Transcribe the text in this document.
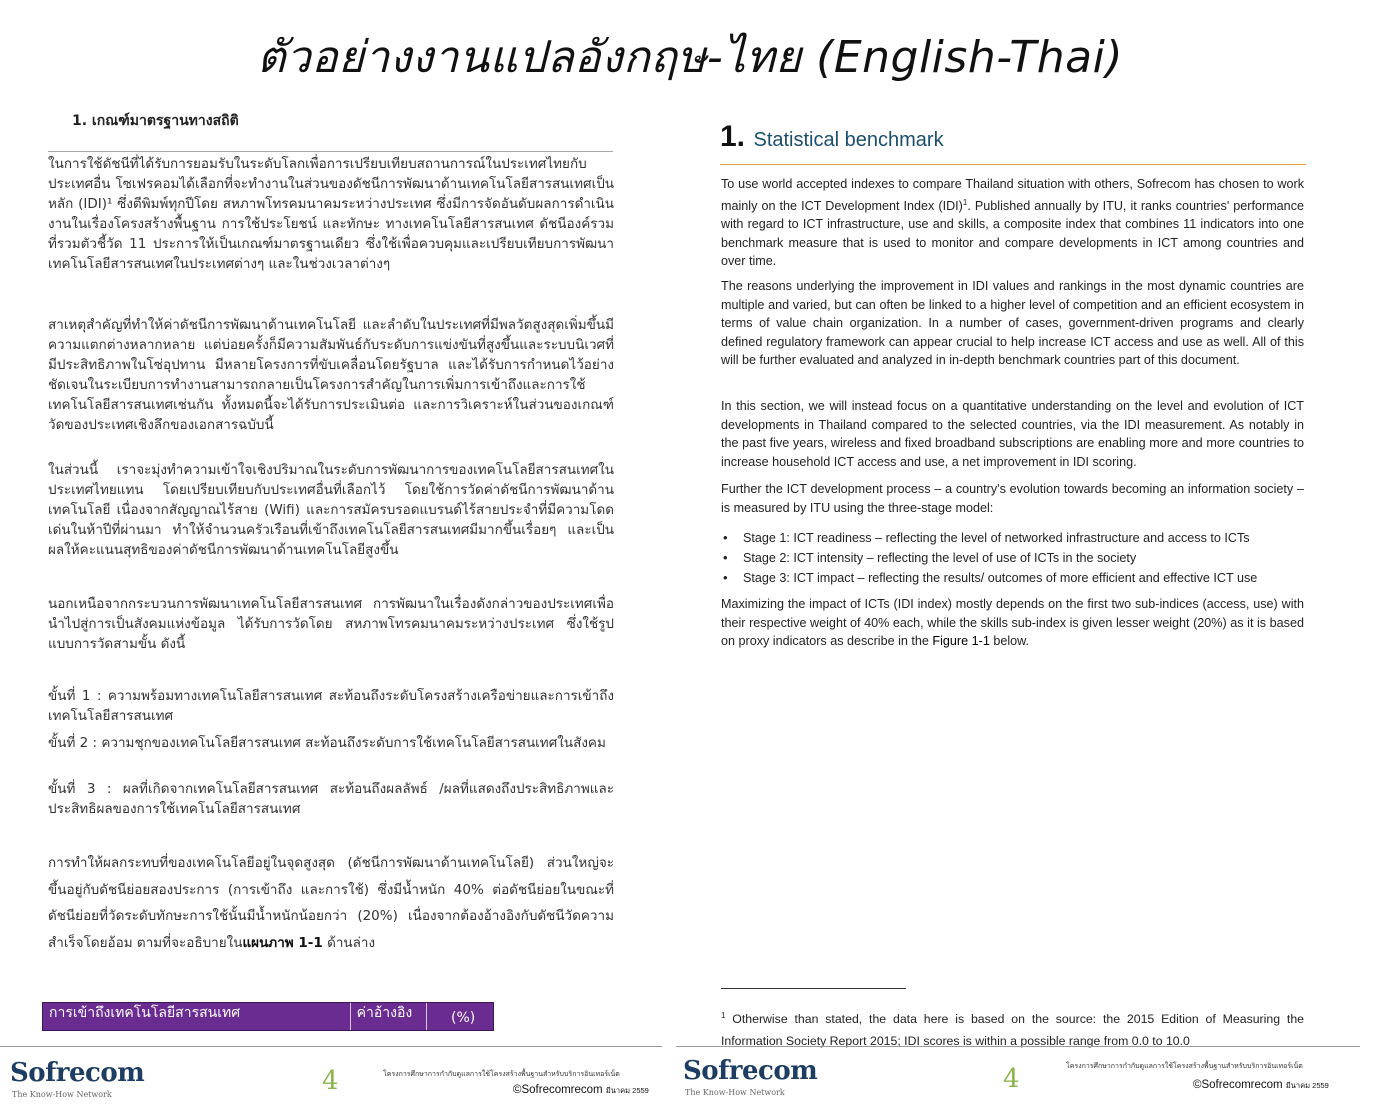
ตัวอย่างงานแปลอังกฤษ-ไทย (English-Thai)
1. เกณฑ์มาตรฐานทางสถิติ
ในการใช้ดัชนีที่ได้รับการยอมรับในระดับโลกเพื่อการเปรียบเทียบสถานการณ์ในประเทศไทยกับประเทศอื่น โซเฟรคอมได้เลือกที่จะทำงานในส่วนของดัชนีการพัฒนาด้านเทคโนโลยีสารสนเทศเป็นหลัก (IDI)¹ ซึ่งตีพิมพ์ทุกปีโดย สหภาพโทรคมนาคมระหว่างประเทศ ซึ่งมีการจัดอันดับผลการดำเนินงานในเรื่องโครงสร้างพื้นฐาน การใช้ประโยชน์ และทักษะ ทางเทคโนโลยีสารสนเทศ ดัชนีองค์รวมที่รวมตัวชี้วัด 11 ประการให้เป็นเกณฑ์มาตรฐานเดียว ซึ่งใช้เพื่อควบคุมและเปรียบเทียบการพัฒนาเทคโนโลยีสารสนเทศในประเทศต่างๆ และในช่วงเวลาต่างๆ
สาเหตุสำคัญที่ทำให้ค่าดัชนีการพัฒนาด้านเทคโนโลยี และลำดับในประเทศที่มีพลวัตสูงสุดเพิ่มขึ้นมีความแตกต่างหลากหลาย แต่บ่อยครั้งก็มีความสัมพันธ์กับระดับการแข่งขันที่สูงขึ้นและระบบนิเวศที่มีประสิทธิภาพในโซ่อุปทาน มีหลายโครงการที่ขับเคลื่อนโดยรัฐบาล และได้รับการกำหนดไว้อย่างชัดเจนในระเบียบการทำงานสามารถกลายเป็นโครงการสำคัญในการเพิ่มการเข้าถึงและการใช้เทคโนโลยีสารสนเทศเช่นกัน ทั้งหมดนี้จะได้รับการประเมินต่อ และการวิเคราะห์ในส่วนของเกณฑ์วัดของประเทศเชิงลึกของเอกสารฉบับนี้
ในส่วนนี้ เราจะมุ่งทำความเข้าใจเชิงปริมาณในระดับการพัฒนาการของเทคโนโลยีสารสนเทศในประเทศไทยแทน โดยเปรียบเทียบกับประเทศอื่นที่เลือกไว้ โดยใช้การวัดค่าดัชนีการพัฒนาด้านเทคโนโลยี เนื่องจากสัญญาณไร้สาย (Wifi) และการสมัครบรอดแบรนด์ไร้สายประจำที่มีความโดดเด่นในห้าปีที่ผ่านมา ทำให้จำนวนครัวเรือนที่เข้าถึงเทคโนโลยีสารสนเทศมีมากขึ้นเรื่อยๆ และเป็นผลให้คะแนนสุทธิของค่าดัชนีการพัฒนาด้านเทคโนโลยีสูงขึ้น
นอกเหนือจากกระบวนการพัฒนาเทคโนโลยีสารสนเทศ การพัฒนาในเรื่องดังกล่าวของประเทศเพื่อนำไปสู่การเป็นสังคมแห่งข้อมูล ได้รับการวัดโดย สหภาพโทรคมนาคมระหว่างประเทศ ซึ่งใช้รูปแบบการวัดสามขั้น ดังนี้
ขั้นที่ 1 : ความพร้อมทางเทคโนโลยีสารสนเทศ สะท้อนถึงระดับโครงสร้างเครือข่ายและการเข้าถึงเทคโนโลยีสารสนเทศ
ขั้นที่ 2 : ความชุกของเทคโนโลยีสารสนเทศ สะท้อนถึงระดับการใช้เทคโนโลยีสารสนเทศในสังคม
ขั้นที่ 3 : ผลที่เกิดจากเทคโนโลยีสารสนเทศ สะท้อนถึงผลลัพธ์ /ผลที่แสดงถึงประสิทธิภาพและประสิทธิผลของการใช้เทคโนโลยีสารสนเทศ
การทำให้ผลกระทบที่ของเทคโนโลยีอยู่ในจุดสูงสุด (ดัชนีการพัฒนาด้านเทคโนโลยี) ส่วนใหญ่จะขึ้นอยู่กับดัชนีย่อยสองประการ (การเข้าถึง และการใช้) ซึ่งมีน้ำหนัก 40% ต่อดัชนีย่อยในขณะที่ดัชนีย่อยที่วัดระดับทักษะการใช้นั้นมีน้ำหนักน้อยกว่า (20%) เนื่องจากต้องอ้างอิงกับดัชนีวัดความสำเร็จโดยอ้อม ตามที่จะอธิบายในแผนภาพ 1-1 ด้านล่าง
การเข้าถึงเทคโนโลยีสารสนเทศ	ค่าอ้างอิง	(%)
1. Statistical benchmark
To use world accepted indexes to compare Thailand situation with others, Sofrecom has chosen to work mainly on the ICT Development Index (IDI)$^1$. Published annually by ITU, it ranks countries' performance with regard to ICT infrastructure, use and skills, a composite index that combines 11 indicators into one benchmark measure that is used to monitor and compare developments in ICT among countries and over time.
The reasons underlying the improvement in IDI values and rankings in the most dynamic countries are multiple and varied, but can often be linked to a higher level of competition and an efficient ecosystem in terms of value chain organization. In a number of cases, government-driven programs and clearly defined regulatory framework can appear crucial to help increase ICT access and use as well. All of this will be further evaluated and analyzed in in-depth benchmark countries part of this document.
In this section, we will instead focus on a quantitative understanding on the level and evolution of ICT developments in Thailand compared to the selected countries, via the IDI measurement. As notably in the past five years, wireless and fixed broadband subscriptions are enabling more and more countries to increase household ICT access and use, a net improvement in IDI scoring.
Further the ICT development process – a country's evolution towards becoming an information society – is measured by ITU using the three-stage model:
• Stage 1: ICT readiness – reflecting the level of networked infrastructure and access to ICTs
• Stage 2: ICT intensity – reflecting the level of use of ICTs in the society
• Stage 3: ICT impact – reflecting the results/ outcomes of more efficient and effective ICT use
Maximizing the impact of ICTs (IDI index) mostly depends on the first two sub-indices (access, use) with their respective weight of 40% each, while the skills sub-index is given lesser weight (20%) as it is based on proxy indicators as describe in the Figure 1-1 below.
$^1$ Otherwise than stated, the data here is based on the source: the 2015 Edition of Measuring the Information Society Report 2015; IDI scores is within a possible range from 0.0 to 10.0
Sofrecom
The Know-How Network	4	โครงการศึกษาการกำกับดูแลการใช้โครงสร้างพื้นฐานสำหรับบริการอินเทอร์เน็ต
©Sofrecomrecom มีนาคม 2559
Sofrecom
The Know-How Network	4	โครงการศึกษาการกำกับดูแลการใช้โครงสร้างพื้นฐานสำหรับบริการอินเทอร์เน็ต
©Sofrecomrecom มีนาคม 2559
